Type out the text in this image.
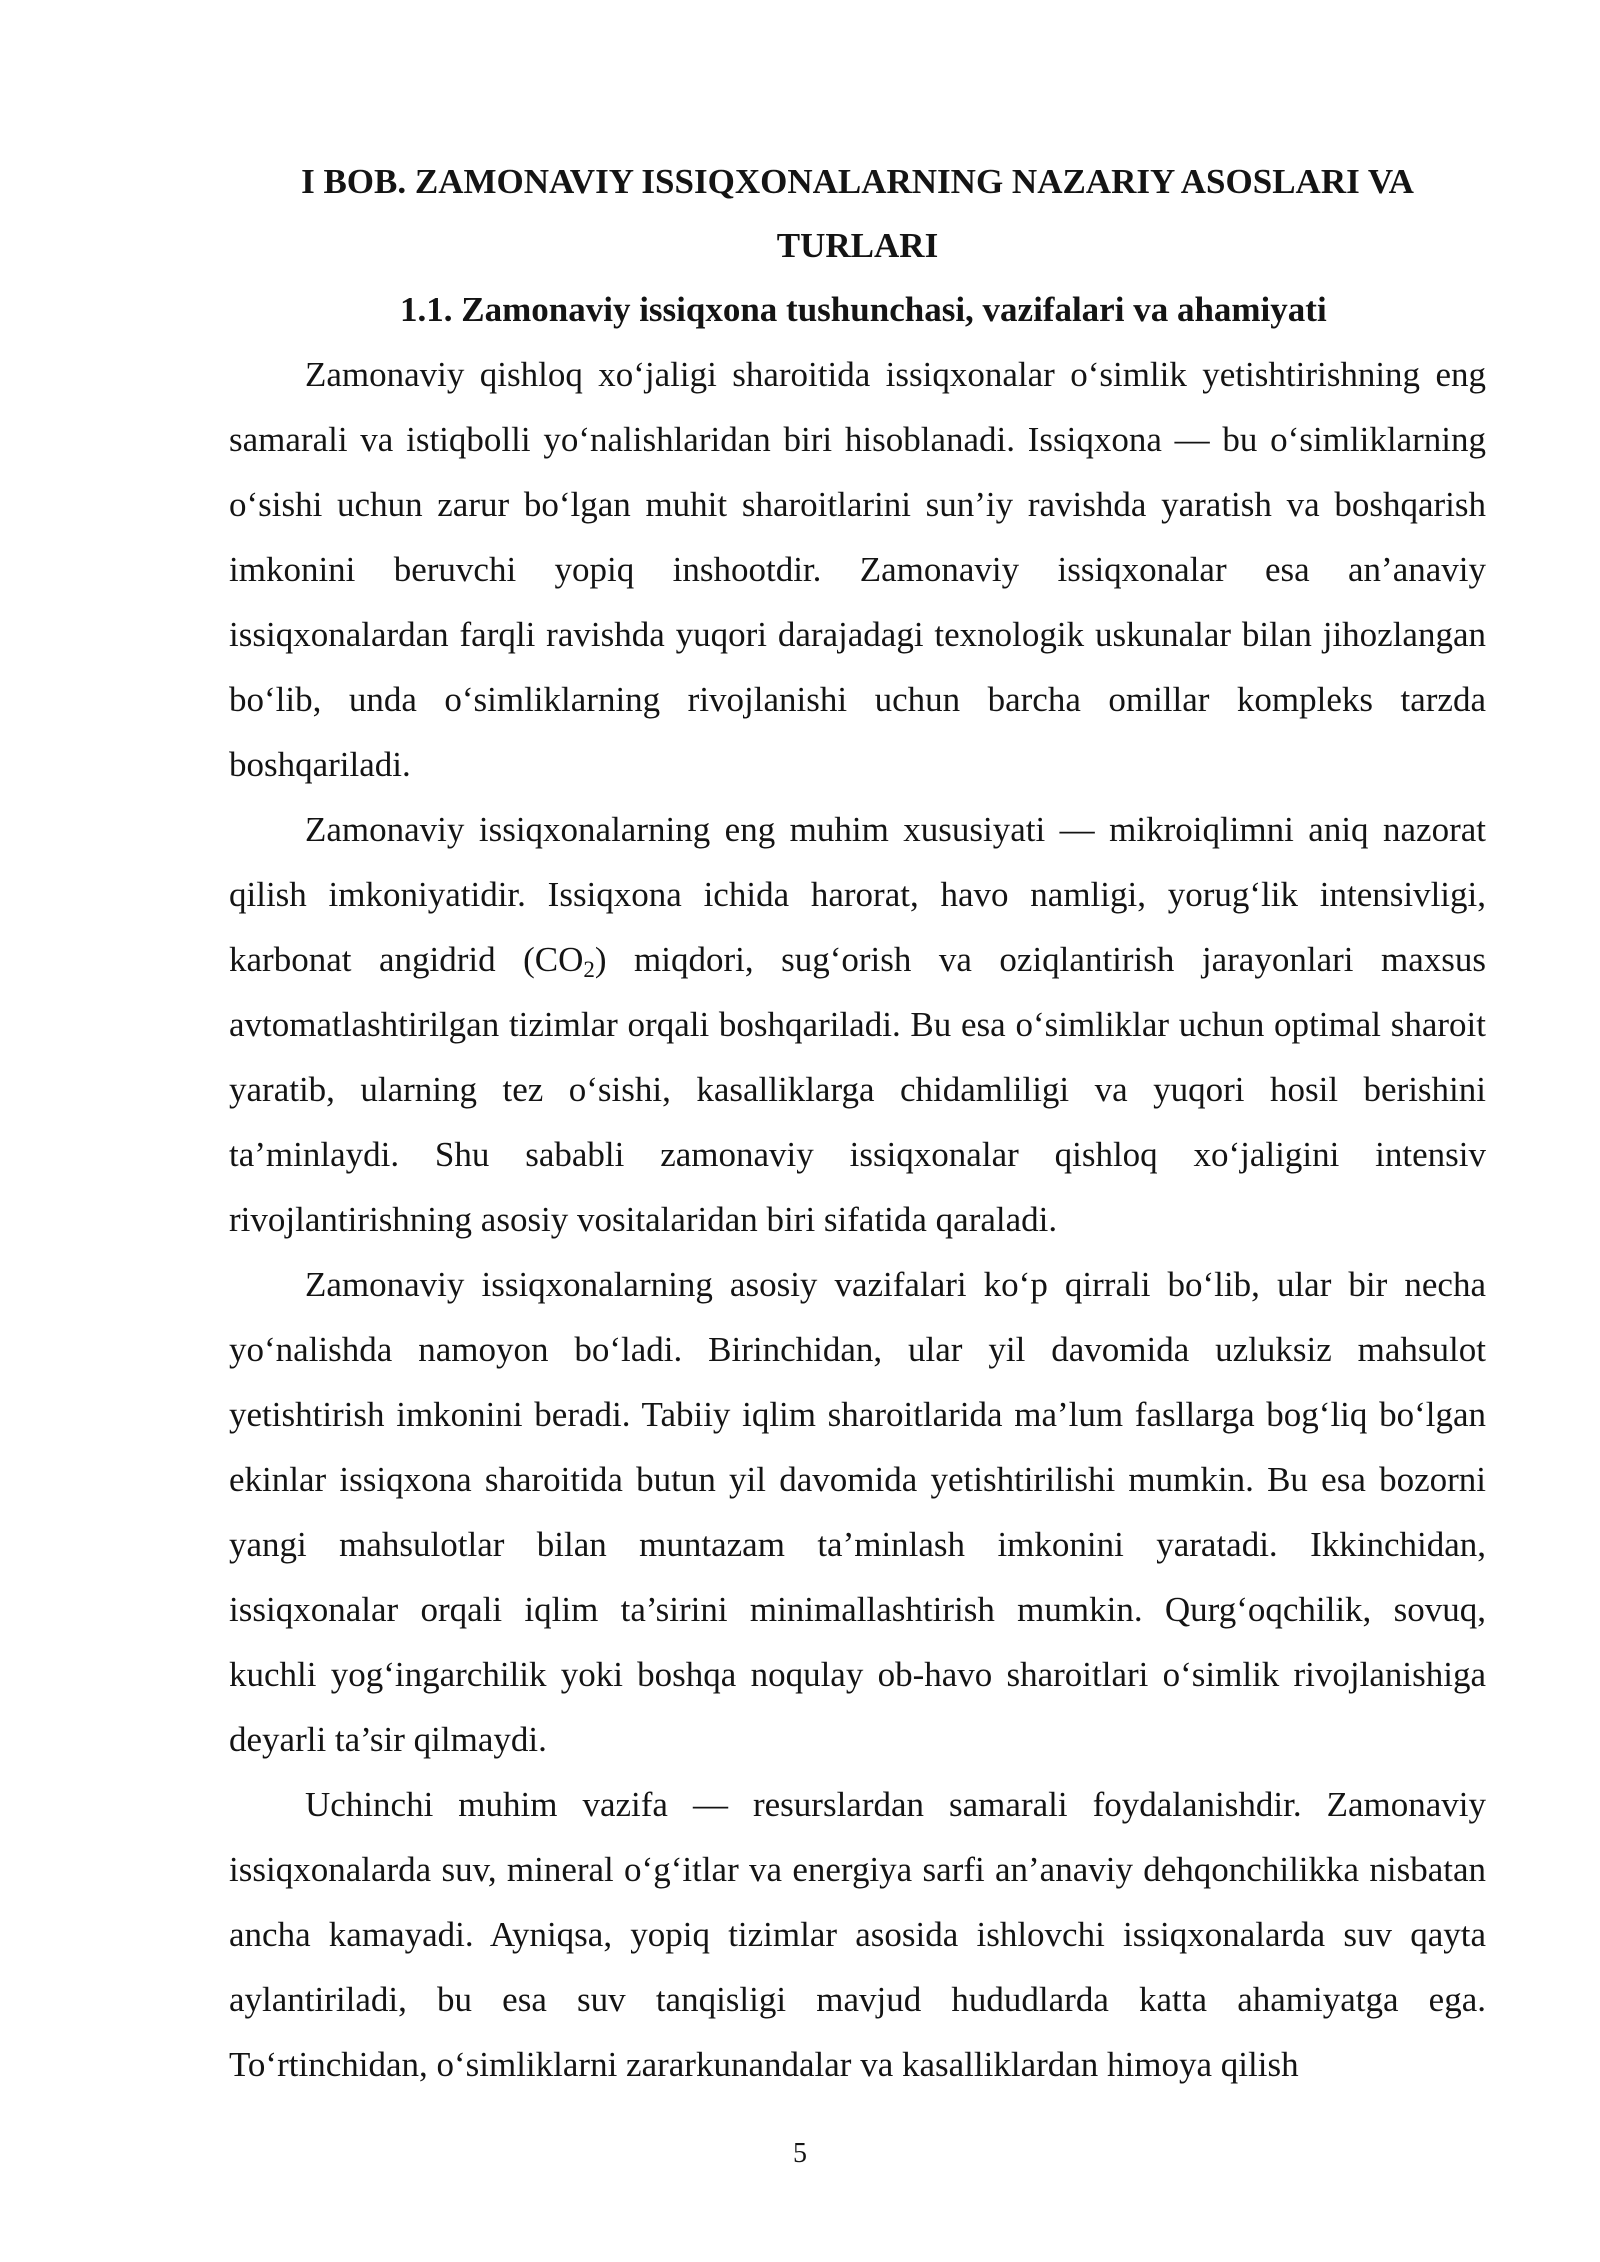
I BOB. ZAMONAVIY ISSIQXONALARNING NAZARIY ASOSLARI VA TURLARI
1.1. Zamonaviy issiqxona tushunchasi, vazifalari va ahamiyati

Zamonaviy qishloq xo‘jaligi sharoitida issiqxonalar o‘simlik yetishtirishning eng samarali va istiqbolli yo‘nalishlaridan biri hisoblanadi. Issiqxona — bu o‘simliklarning o‘sishi uchun zarur bo‘lgan muhit sharoitlarini sun’iy ravishda yaratish va boshqarish imkonini beruvchi yopiq inshootdir. Zamonaviy issiqxonalar esa an’anaviy issiqxonalardan farqli ravishda yuqori darajadagi texnologik uskunalar bilan jihozlangan bo‘lib, unda o‘simliklarning rivojlanishi uchun barcha omillar kompleks tarzda boshqariladi.

Zamonaviy issiqxonalarning eng muhim xususiyati — mikroiqlimni aniq nazorat qilish imkoniyatidir. Issiqxona ichida harorat, havo namligi, yorug‘lik intensivligi, karbonat angidrid $(CO_2)$ miqdori, sug‘orish va oziqlantirish jarayonlari maxsus avtomatlashtirilgan tizimlar orqali boshqariladi. Bu esa o‘simliklar uchun optimal sharoit yaratib, ularning tez o‘sishi, kasalliklarga chidamliligi va yuqori hosil berishini ta’minlaydi. Shu sababli zamonaviy issiqxonalar qishloq xo‘jaligini intensiv rivojlantirishning asosiy vositalaridan biri sifatida qaraladi.

Zamonaviy issiqxonalarning asosiy vazifalari ko‘p qirrali bo‘lib, ular bir necha yo‘nalishda namoyon bo‘ladi. Birinchidan, ular yil davomida uzluksiz mahsulot yetishtirish imkonini beradi. Tabiiy iqlim sharoitlarida ma’lum fasllarga bog‘liq bo‘lgan ekinlar issiqxona sharoitida butun yil davomida yetishtirilishi mumkin. Bu esa bozorni yangi mahsulotlar bilan muntazam ta’minlash imkonini yaratadi. Ikkinchidan, issiqxonalar orqali iqlim ta’sirini minimallashtirish mumkin. Qurg‘oqchilik, sovuq, kuchli yog‘ingarchilik yoki boshqa noqulay ob-havo sharoitlari o‘simlik rivojlanishiga deyarli ta’sir qilmaydi.

Uchinchi muhim vazifa — resurslardan samarali foydalanishdir. Zamonaviy issiqxonalarda suv, mineral o‘g‘itlar va energiya sarfi an’anaviy dehqonchilikka nisbatan ancha kamayadi. Ayniqsa, yopiq tizimlar asosida ishlovchi issiqxonalarda suv qayta aylantiriladi, bu esa suv tanqisligi mavjud hududlarda katta ahamiyatga ega. To‘rtinchidan, o‘simliklarni zararkunandalar va kasalliklardan himoya qilish

5
